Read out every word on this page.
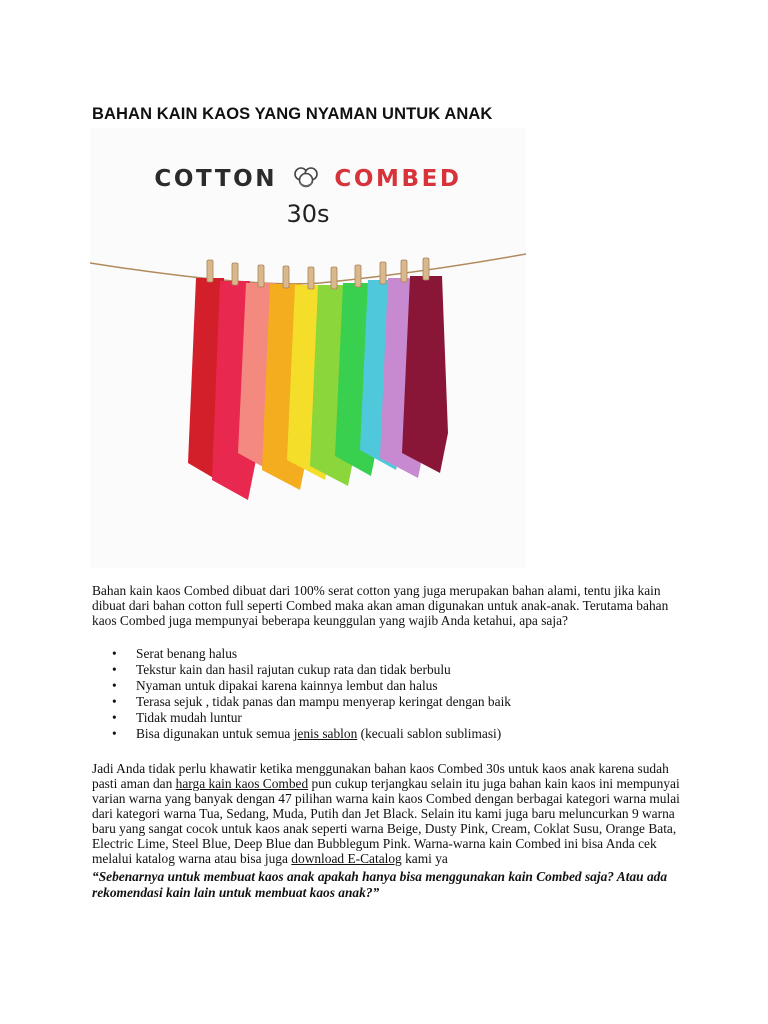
BAHAN KAIN KAOS YANG NYAMAN UNTUK ANAK
COTTON COMBED
30s
Bahan kain kaos Combed dibuat dari 100% serat cotton yang juga merupakan bahan alami, tentu jika kain dibuat dari bahan cotton full seperti Combed maka akan aman digunakan untuk anak-anak. Terutama bahan kaos Combed juga mempunyai beberapa keunggulan yang wajib Anda ketahui, apa saja?
• Serat benang halus
• Tekstur kain dan hasil rajutan cukup rata dan tidak berbulu
• Nyaman untuk dipakai karena kainnya lembut dan halus
• Terasa sejuk , tidak panas dan mampu menyerap keringat dengan baik
• Tidak mudah luntur
• Bisa digunakan untuk semua jenis sablon (kecuali sablon sublimasi)
Jadi Anda tidak perlu khawatir ketika menggunakan bahan kaos Combed 30s untuk kaos anak karena sudah pasti aman dan harga kain kaos Combed pun cukup terjangkau selain itu juga bahan kain kaos ini mempunyai varian warna yang banyak dengan 47 pilihan warna kain kaos Combed dengan berbagai kategori warna mulai dari kategori warna Tua, Sedang, Muda, Putih dan Jet Black. Selain itu kami juga baru meluncurkan 9 warna baru yang sangat cocok untuk kaos anak seperti warna Beige, Dusty Pink, Cream, Coklat Susu, Orange Bata, Electric Lime, Steel Blue, Deep Blue dan Bubblegum Pink. Warna-warna kain Combed ini bisa Anda cek melalui katalog warna atau bisa juga download E-Catalog kami ya
“Sebenarnya untuk membuat kaos anak apakah hanya bisa menggunakan kain Combed saja? Atau ada rekomendasi kain lain untuk membuat kaos anak?”
